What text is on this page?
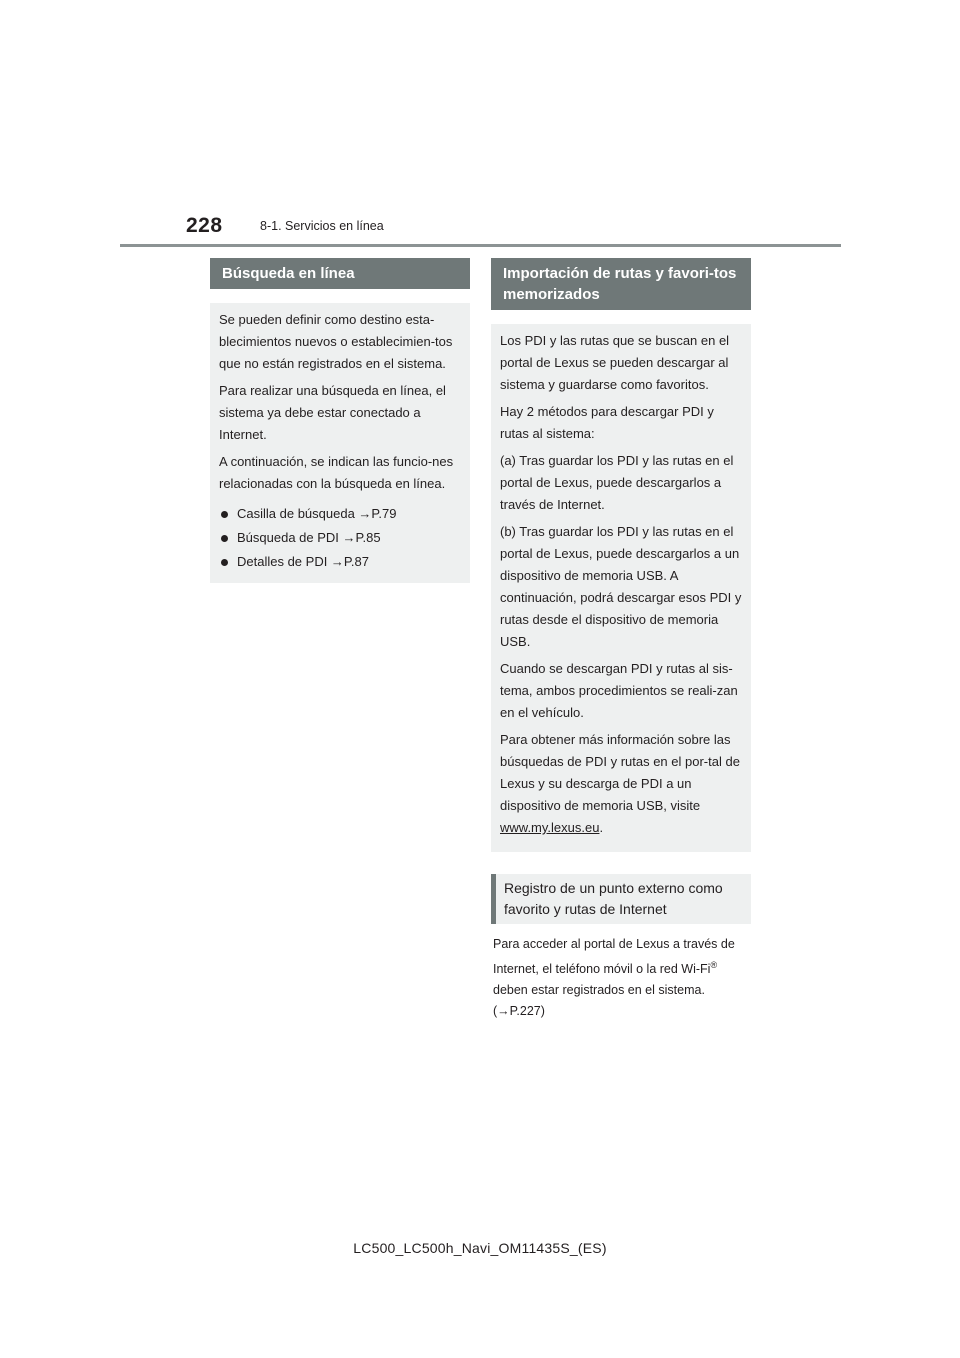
228	8-1. Servicios en línea
Búsqueda en línea

Se pueden definir como destino esta-blecimientos nuevos o establecimien-tos que no están registrados en el sistema.

Para realizar una búsqueda en línea, el sistema ya debe estar conectado a Internet.

A continuación, se indican las funcio-nes relacionadas con la búsqueda en línea.

Casilla de búsqueda →P.79
Búsqueda de PDI →P.85
Detalles de PDI →P.87
Importación de rutas y favori-tos memorizados

Los PDI y las rutas que se buscan en el portal de Lexus se pueden descargar al sistema y guardarse como favoritos.

Hay 2 métodos para descargar PDI y rutas al sistema:

(a) Tras guardar los PDI y las rutas en el portal de Lexus, puede descargarlos a través de Internet.

(b) Tras guardar los PDI y las rutas en el portal de Lexus, puede descargarlos a un dispositivo de memoria USB. A continuación, podrá descargar esos PDI y rutas desde el dispositivo de memoria USB.

Cuando se descargan PDI y rutas al sis-tema, ambos procedimientos se reali-zan en el vehículo.

Para obtener más información sobre las búsquedas de PDI y rutas en el por-tal de Lexus y su descarga de PDI a un dispositivo de memoria USB, visite www.my.lexus.eu.

Registro de un punto externo como favorito y rutas de Internet
Para acceder al portal de Lexus a través de Internet, el teléfono móvil o la red Wi-Fi® deben estar registrados en el sistema. (→P.227)
LC500_LC500h_Navi_OM11435S_(ES)
